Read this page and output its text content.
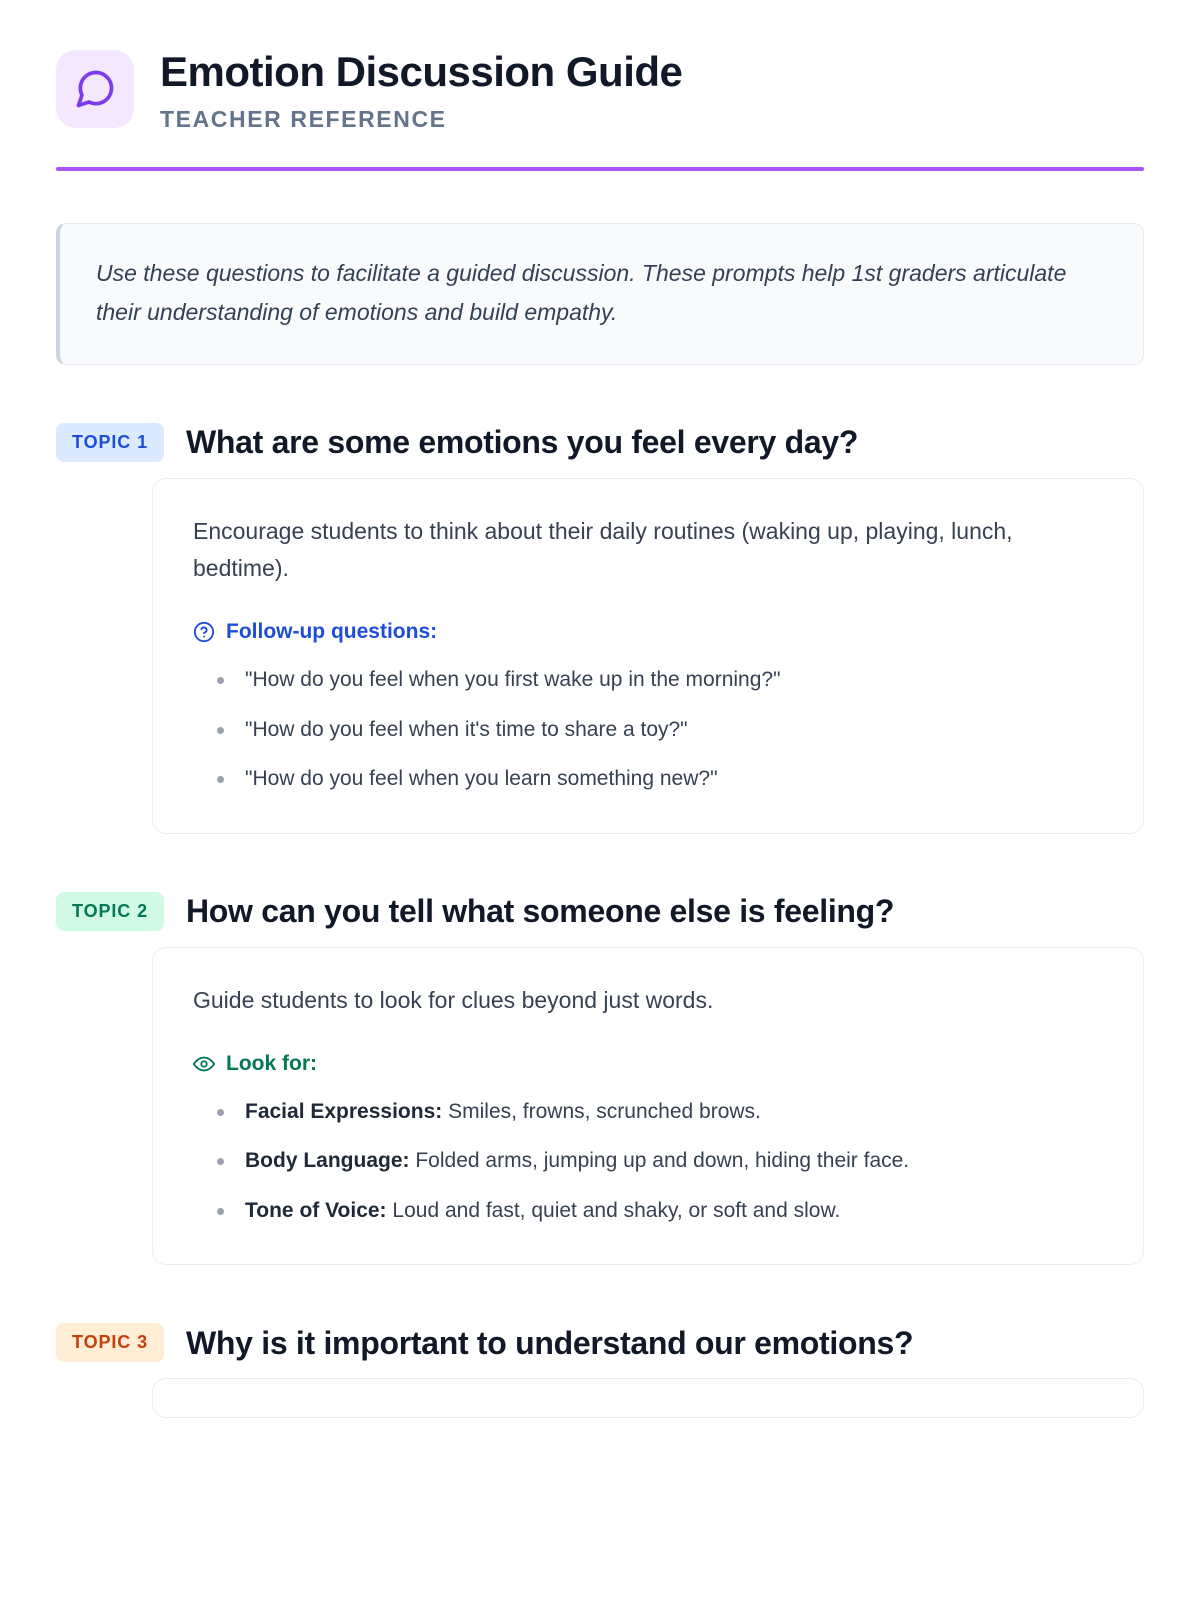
Emotion Discussion Guide
TEACHER REFERENCE

Use these questions to facilitate a guided discussion. These prompts help 1st graders articulate their understanding of emotions and build empathy.

TOPIC 1	What are some emotions you feel every day?

Encourage students to think about their daily routines (waking up, playing, lunch, bedtime).

Follow-up questions:
"How do you feel when you first wake up in the morning?"
"How do you feel when it's time to share a toy?"
"How do you feel when you learn something new?"
TOPIC 2	How can you tell what someone else is feeling?

Guide students to look for clues beyond just words.

Look for:
Facial Expressions: Smiles, frowns, scrunched brows.
Body Language: Folded arms, jumping up and down, hiding their face.
Tone of Voice: Loud and fast, quiet and shaky, or soft and slow.
TOPIC 3	Why is it important to understand our emotions?
